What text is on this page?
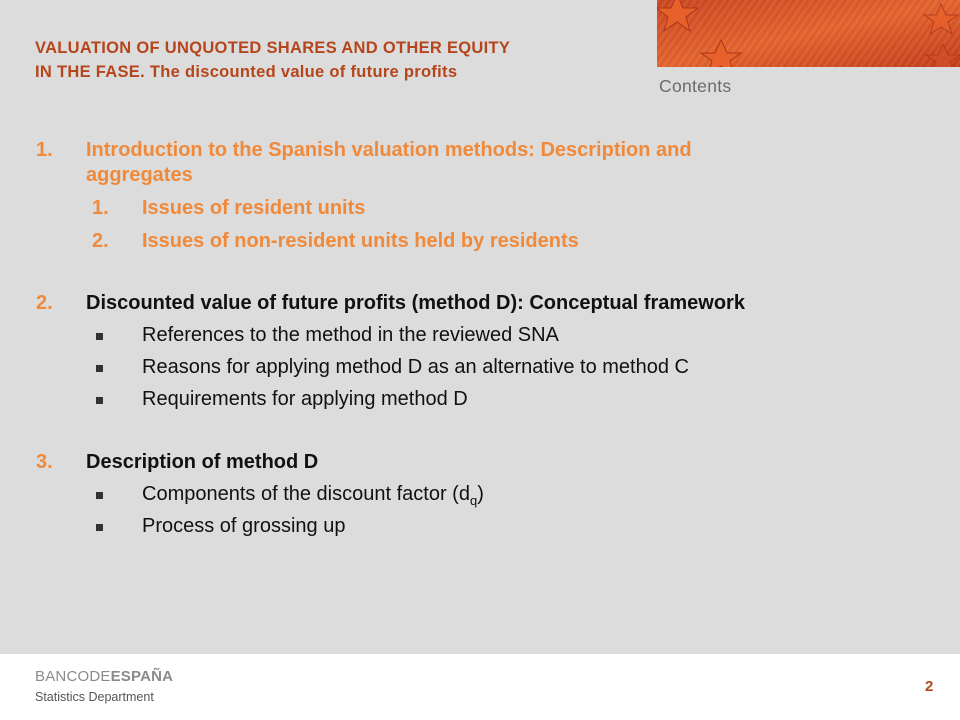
VALUATION OF UNQUOTED SHARES AND OTHER EQUITY
IN THE FASE. The discounted value of future profits
Contents
1. Introduction to the Spanish valuation methods: Description and
aggregates
1. Issues of resident units
2. Issues of non-resident units held by residents
2. Discounted value of future profits (method D): Conceptual framework
References to the method in the reviewed SNA
Reasons for applying method D as an alternative to method C
Requirements for applying method D
3. Description of method D
Components of the discount factor $(d_q)$
Process of grossing up
BANCODEESPAÑA
Statistics Department
2
